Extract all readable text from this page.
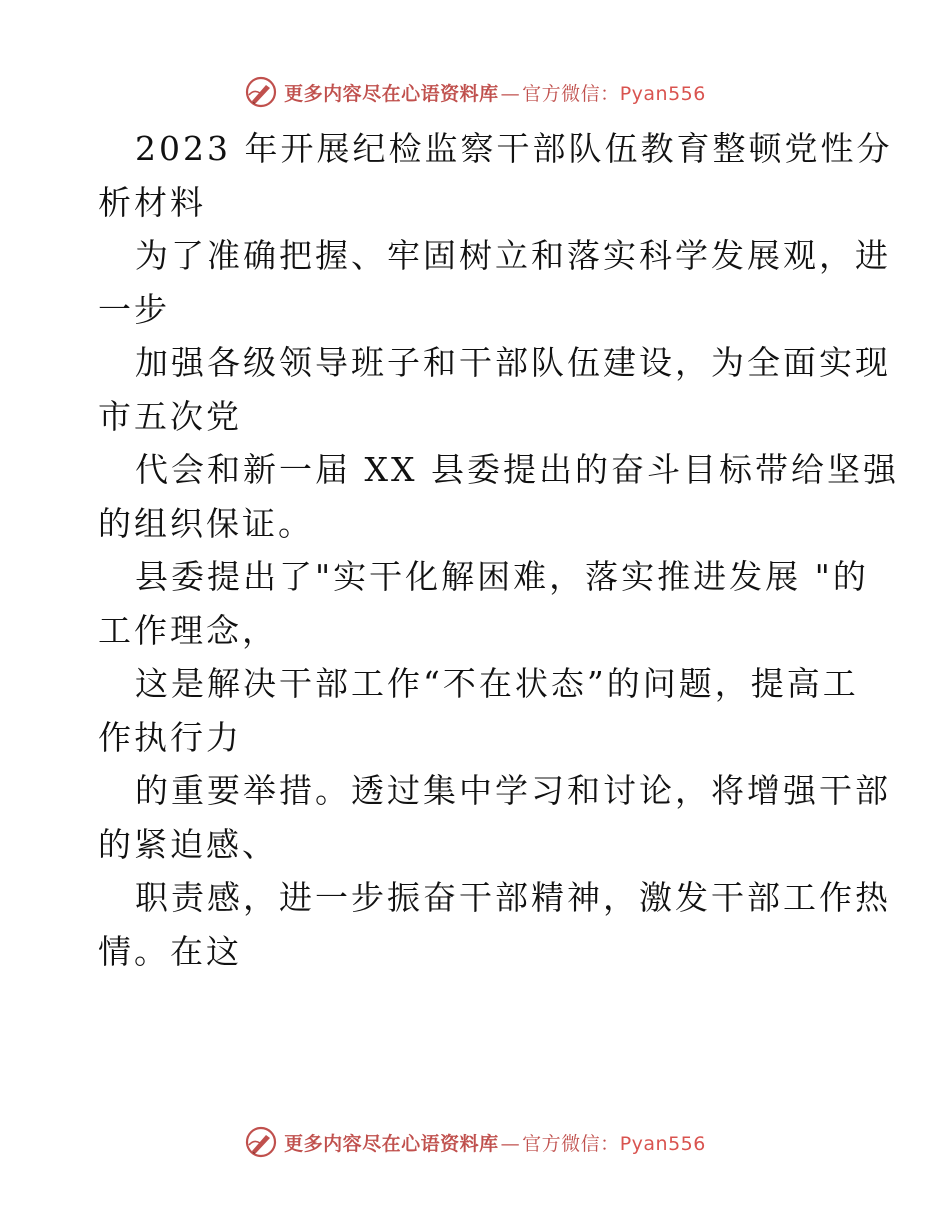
更多内容尽在心语资料库 — 官方微信：Pyan556
2023 年开展纪检监察干部队伍教育整顿党性分
析材料
为了准确把握、牢固树立和落实科学发展观，进
一步
加强各级领导班子和干部队伍建设，为全面实现
市五次党
代会和新一届 XX 县委提出的奋斗目标带给坚强
的组织保证。
县委提出了"实干化解困难，落实推进发展 "的
工作理念，
这是解决干部工作“不在状态”的问题，提高工
作执行力
的重要举措。透过集中学习和讨论，将增强干部
的紧迫感、
职责感，进一步振奋干部精神，激发干部工作热
情。在这
更多内容尽在心语资料库 — 官方微信：Pyan556
